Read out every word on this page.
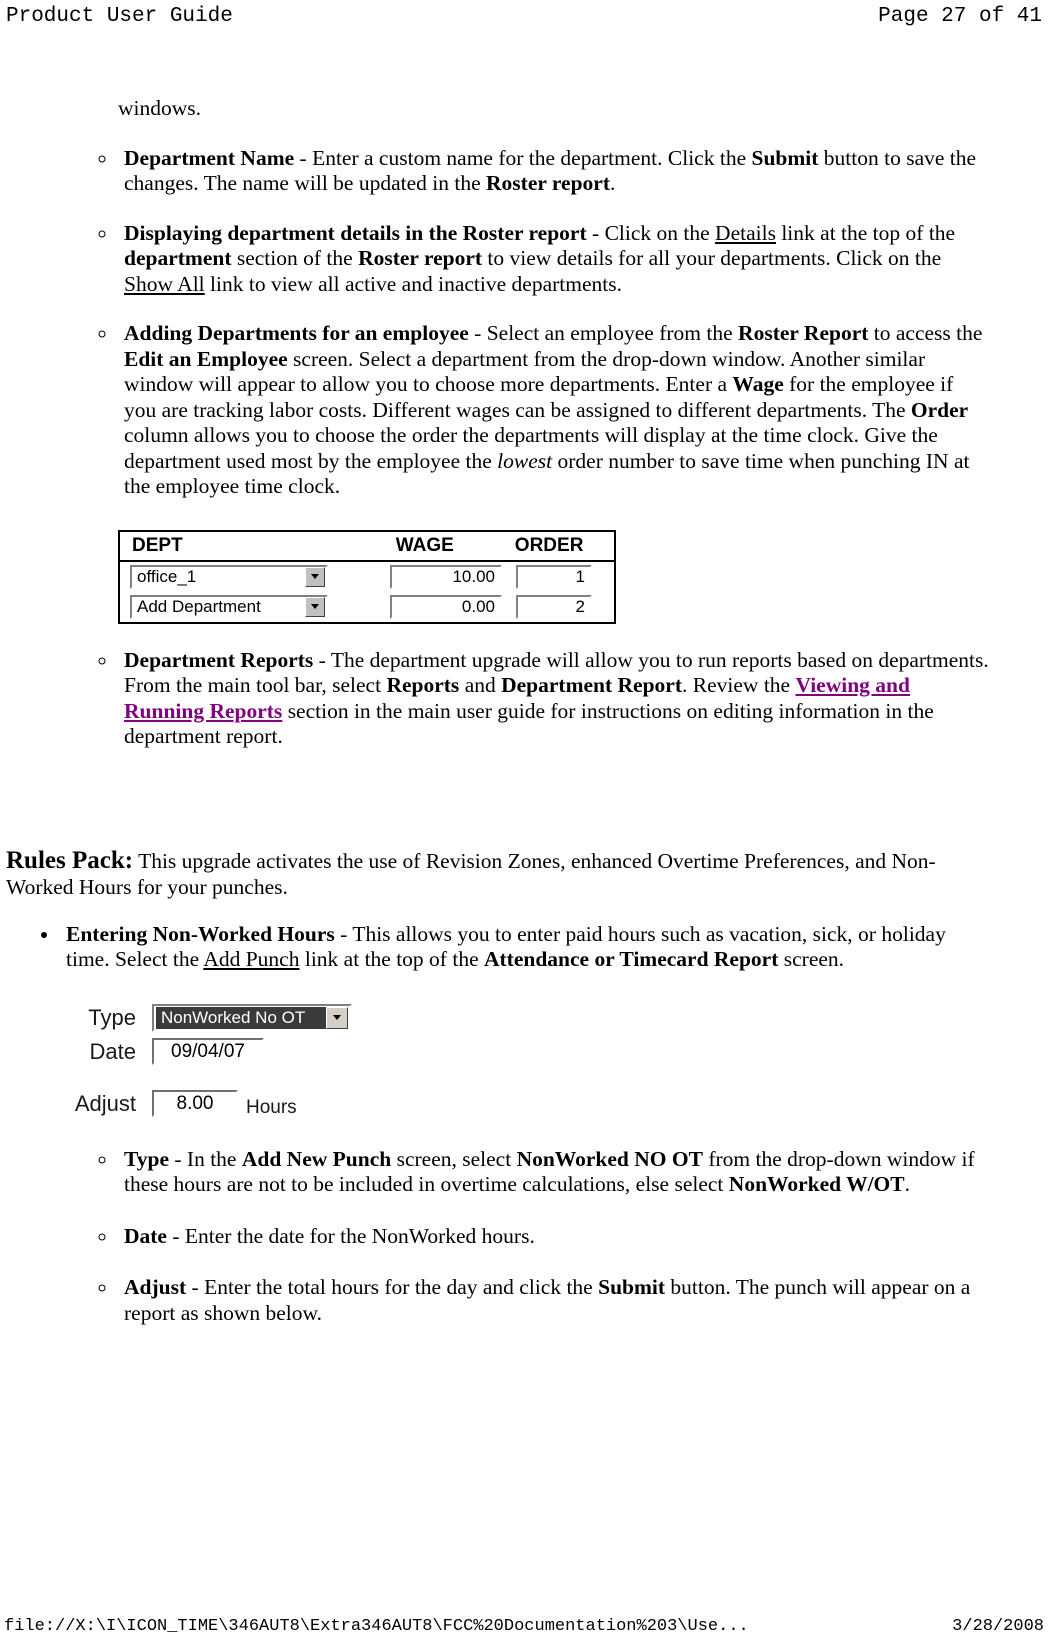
Product User Guide	Page 27 of 41
windows.
◦ Department Name - Enter a custom name for the department. Click the Submit button to save the changes. The name will be updated in the Roster report.
◦ Displaying department details in the Roster report - Click on the Details link at the top of the department section of the Roster report to view details for all your departments. Click on the Show All link to view all active and inactive departments.
◦ Adding Departments for an employee - Select an employee from the Roster Report to access the Edit an Employee screen. Select a department from the drop-down window. Another similar window will appear to allow you to choose more departments. Enter a Wage for the employee if you are tracking labor costs. Different wages can be assigned to different departments. The Order column allows you to choose the order the departments will display at the time clock. Give the department used most by the employee the lowest order number to save time when punching IN at the employee time clock.
DEPT	WAGE	ORDER
office_1	10.00	1
Add Department	0.00	2
◦ Department Reports - The department upgrade will allow you to run reports based on departments. From the main tool bar, select Reports and Department Report. Review the Viewing and Running Reports section in the main user guide for instructions on editing information in the department report.
Rules Pack: This upgrade activates the use of Revision Zones, enhanced Overtime Preferences, and Non-Worked Hours for your punches.
• Entering Non-Worked Hours - This allows you to enter paid hours such as vacation, sick, or holiday time. Select the Add Punch link at the top of the Attendance or Timecard Report screen.
Type	NonWorked No OT
Date	09/04/07
Adjust	8.00	Hours
◦ Type - In the Add New Punch screen, select NonWorked NO OT from the drop-down window if these hours are not to be included in overtime calculations, else select NonWorked W/OT.
◦ Date - Enter the date for the NonWorked hours.
◦ Adjust - Enter the total hours for the day and click the Submit button. The punch will appear on a report as shown below.
file://X:\I\ICON_TIME\346AUT8\Extra346AUT8\FCC%20Documentation%203\Use...	3/28/2008
